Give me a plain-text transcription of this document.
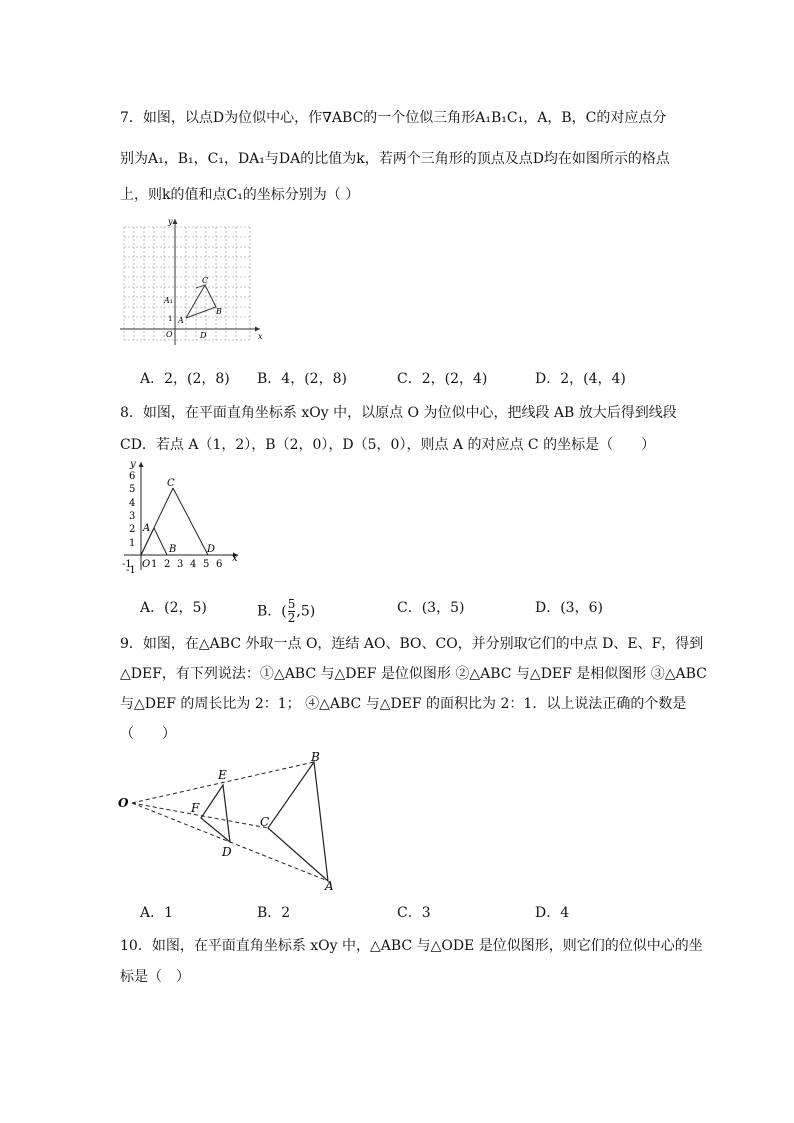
7．如图，以点D为位似中心，作∇ABC的一个位似三角形A₁B₁C₁，A，B，C的对应点分
别为A₁，B₁，C₁，DA₁与DA的比值为k，若两个三角形的顶点及点D均在如图所示的格点
上，则k的值和点C₁的坐标分别为（ ）
y
x
C
B
A
A₁
1
O	D
A．2，(2，8) B．4，(2，8)	C．2，(2，4)	D．2，(4，4)
8．如图，在平面直角坐标系 xOy 中，以原点 O 为位似中心，把线段 AB 放大后得到线段
CD．若点 A（1，2），B（2，0），D（5，0），则点 A 的对应点 C 的坐标是（　　）
y
x
6
5
4
3
2
1
-1
-1 O 1 2 3 4 5 6
C
A
B	D
A．(2，5)	B．( $\frac{5}{2} ,5$)	C．(3，5)	D．(3，6)
9．如图，在△ABC 外取一点 O，连结 AO、BO、CO，并分别取它们的中点 D、E、F，得到
△DEF，有下列说法：①△ABC 与△DEF 是位似图形 ②△ABC 与△DEF 是相似图形 ③△ABC
与△DEF 的周长比为 2：1； ④△ABC 与△DEF 的面积比为 2：1．以上说法正确的个数是
（　　）
O
E
F
D
B
C
A
A．1	B．2	C．3	D．4
10．如图，在平面直角坐标系 xOy 中，△ABC 与△ODE 是位似图形，则它们的位似中心的坐
标是（　）
